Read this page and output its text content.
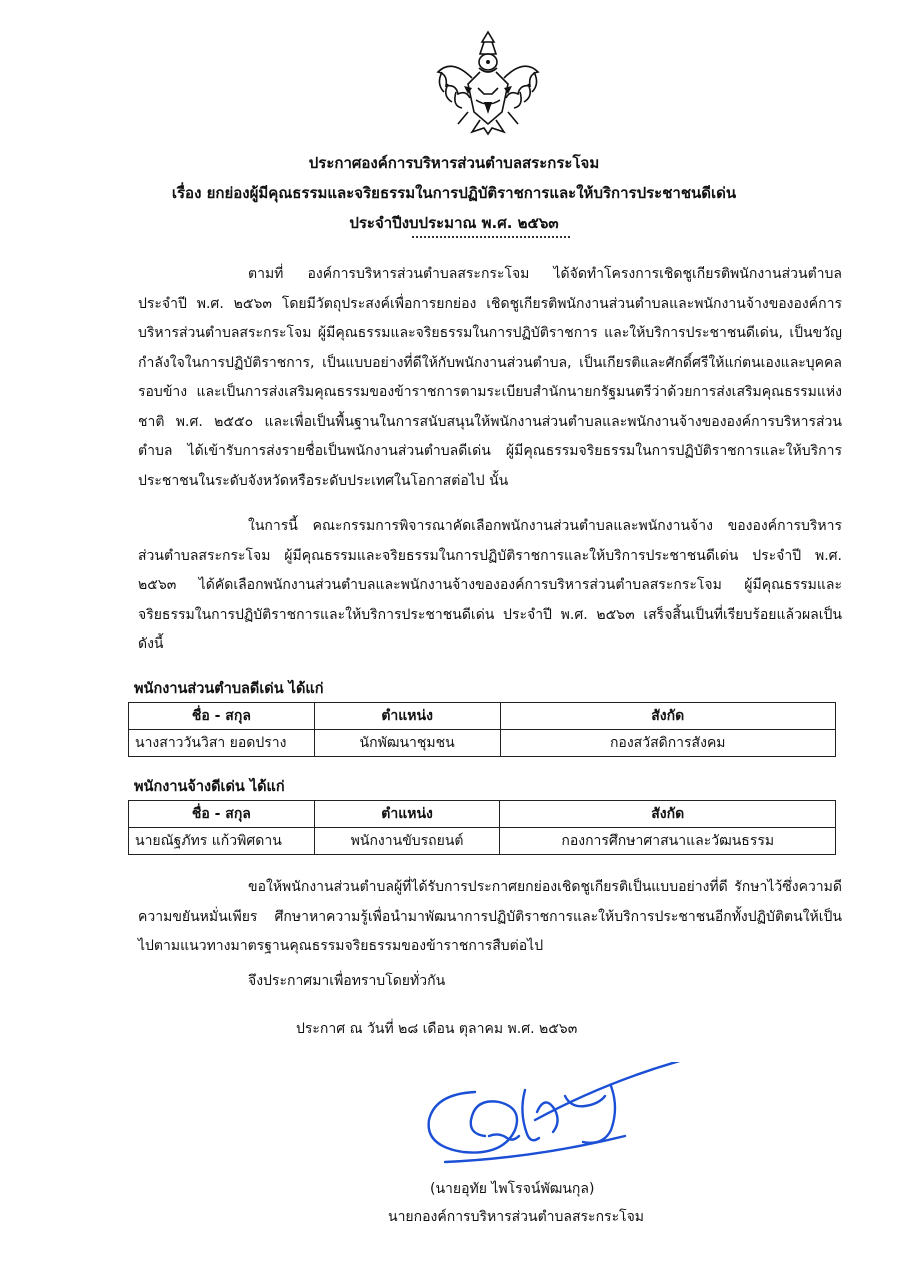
ประกาศองค์การบริหารส่วนตำบลสระกระโจม
เรื่อง ยกย่องผู้มีคุณธรรมและจริยธรรมในการปฏิบัติราชการและให้บริการประชาชนดีเด่น
ประจำปีงบประมาณ พ.ศ. ๒๕๖๓

ตามที่ องค์การบริหารส่วนตำบลสระกระโจม ได้จัดทำโครงการเชิดชูเกียรติพนักงานส่วนตำบล ประจำปี พ.ศ. ๒๕๖๓ โดยมีวัตถุประสงค์เพื่อการยกย่อง เชิดชูเกียรติพนักงานส่วนตำบลและพนักงานจ้างขององค์การบริหารส่วนตำบลสระกระโจม ผู้มีคุณธรรมและจริยธรรมในการปฏิบัติราชการ และให้บริการประชาชนดีเด่น, เป็นขวัญกำลังใจในการปฏิบัติราชการ, เป็นแบบอย่างที่ดีให้กับพนักงานส่วนตำบล, เป็นเกียรติและศักดิ์ศรีให้แก่ตนเองและบุคคลรอบข้าง และเป็นการส่งเสริมคุณธรรมของข้าราชการตามระเบียบสำนักนายกรัฐมนตรีว่าด้วยการส่งเสริมคุณธรรมแห่งชาติ พ.ศ. ๒๕๕๐ และเพื่อเป็นพื้นฐานในการสนับสนุนให้พนักงานส่วนตำบลและพนักงานจ้างขององค์การบริหารส่วนตำบล ได้เข้ารับการส่งรายชื่อเป็นพนักงานส่วนตำบลดีเด่น ผู้มีคุณธรรมจริยธรรมในการปฏิบัติราชการและให้บริการประชาชนในระดับจังหวัดหรือระดับประเทศในโอกาสต่อไป นั้น

ในการนี้ คณะกรรมการพิจารณาคัดเลือกพนักงานส่วนตำบลและพนักงานจ้าง ขององค์การบริหารส่วนตำบลสระกระโจม ผู้มีคุณธรรมและจริยธรรมในการปฏิบัติราชการและให้บริการประชาชนดีเด่น ประจำปี พ.ศ. ๒๕๖๓ ได้คัดเลือกพนักงานส่วนตำบลและพนักงานจ้างขององค์การบริหารส่วนตำบลสระกระโจม ผู้มีคุณธรรมและจริยธรรมในการปฏิบัติราชการและให้บริการประชาชนดีเด่น ประจำปี พ.ศ. ๒๕๖๓ เสร็จสิ้นเป็นที่เรียบร้อยแล้วผลเป็น ดังนี้

พนักงานส่วนตำบลดีเด่น ได้แก่
ชื่อ - สกุล	ตำแหน่ง	สังกัด
นางสาววันวิสา ยอดปราง	นักพัฒนาชุมชน	กองสวัสดิการสังคม
พนักงานจ้างดีเด่น ได้แก่
ชื่อ - สกุล	ตำแหน่ง	สังกัด
นายณัฐภัทร แก้วพิศดาน	พนักงานขับรถยนต์	กองการศึกษาศาสนาและวัฒนธรรม

ขอให้พนักงานส่วนตำบลผู้ที่ได้รับการประกาศยกย่องเชิดชูเกียรติเป็นแบบอย่างที่ดี รักษาไว้ซึ่งความดี ความขยันหมั่นเพียร ศึกษาหาความรู้เพื่อนำมาพัฒนาการปฏิบัติราชการและให้บริการประชาชนอีกทั้งปฏิบัติตนให้เป็นไปตามแนวทางมาตรฐานคุณธรรมจริยธรรมของข้าราชการสืบต่อไป

จึงประกาศมาเพื่อทราบโดยทั่วกัน
ประกาศ ณ วันที่ ๒๘ เดือน ตุลาคม พ.ศ. ๒๕๖๓
(นายอุทัย ไพโรจน์พัฒนกุล)
นายกองค์การบริหารส่วนตำบลสระกระโจม
